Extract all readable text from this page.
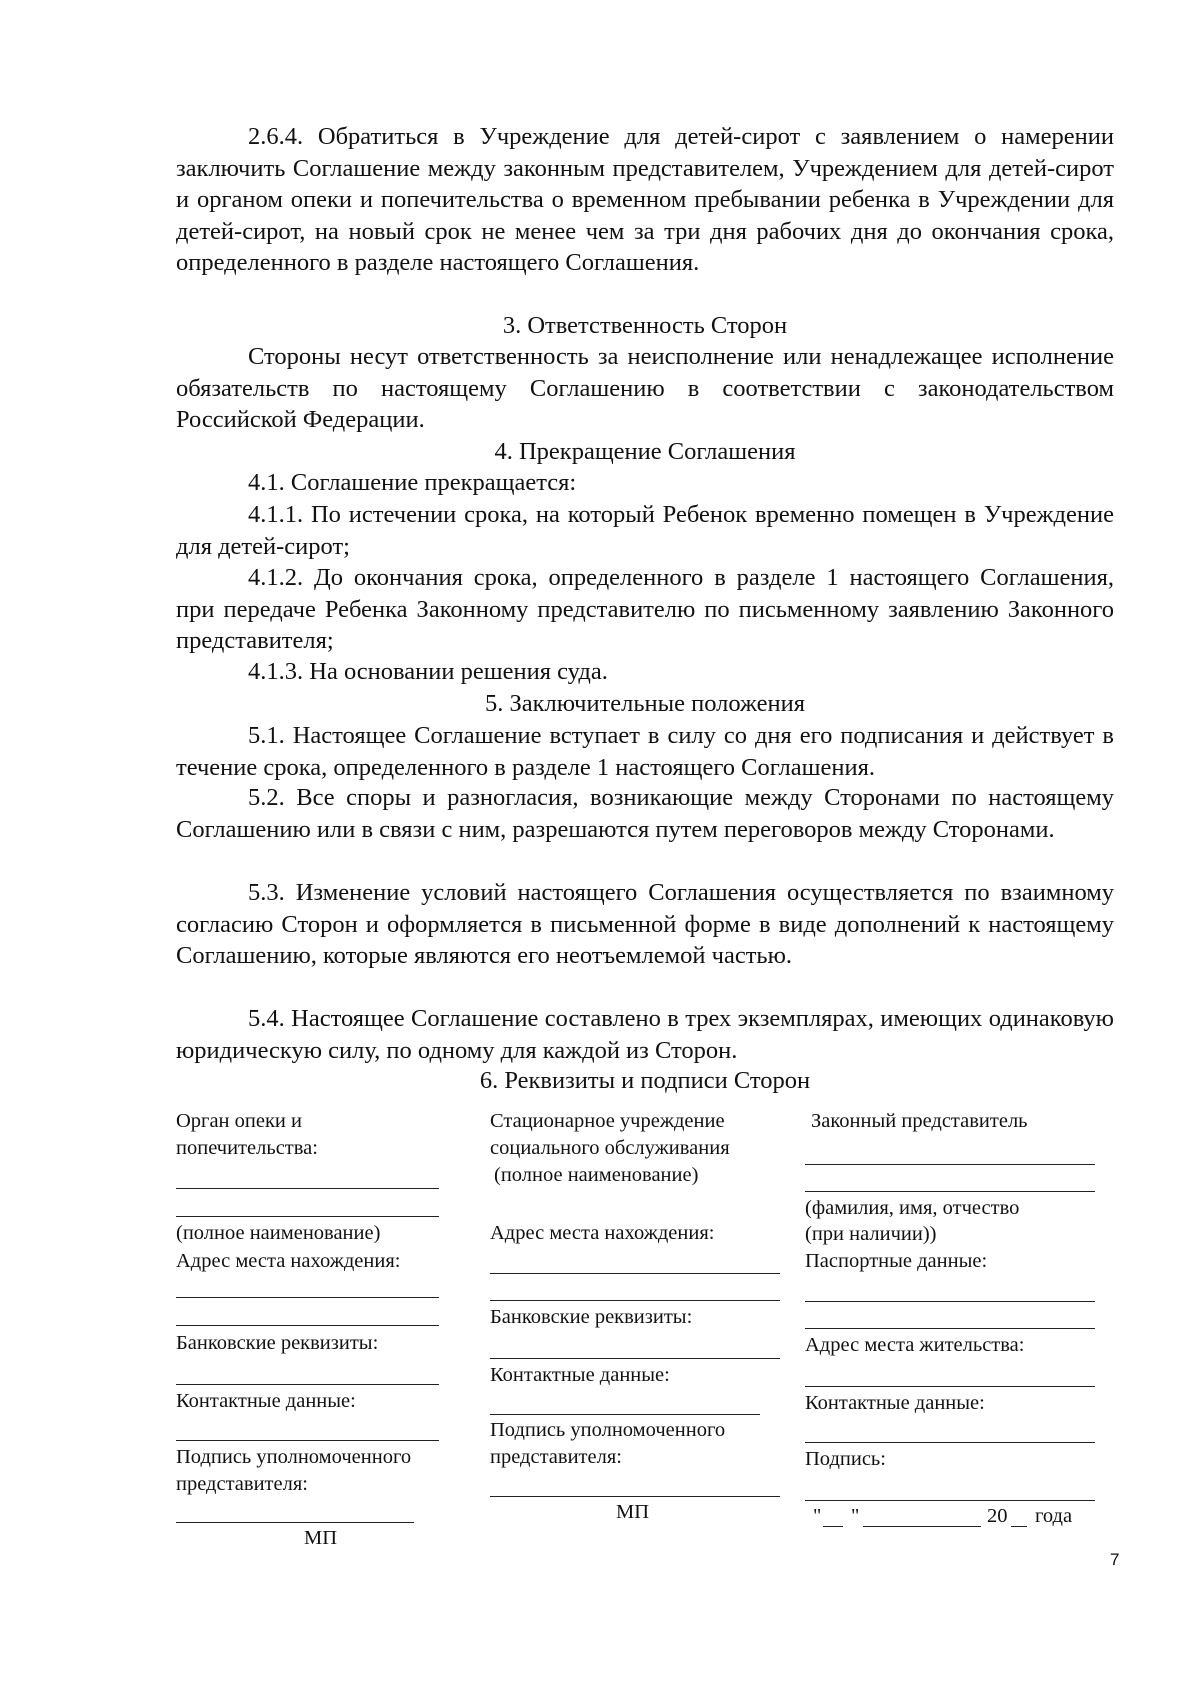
2.6.4. Обратиться в Учреждение для детей-сирот с заявлением о намерении заключить Соглашение между законным представителем, Учреждением для детей-сирот и органом опеки и попечительства о временном пребывании ребенка в Учреждении для детей-сирот, на новый срок не менее чем за три дня рабочих дня до окончания срока, определенного в разделе настоящего Соглашения.

3. Ответственность Сторон

Стороны несут ответственность за неисполнение или ненадлежащее исполнение обязательств по настоящему Соглашению в соответствии с законодательством Российской Федерации.

4. Прекращение Соглашения

4.1. Соглашение прекращается:

4.1.1. По истечении срока, на который Ребенок временно помещен в Учреждение для детей-сирот;

4.1.2. До окончания срока, определенного в разделе 1 настоящего Соглашения, при передаче Ребенка Законному представителю по письменному заявлению Законного представителя;

4.1.3. На основании решения суда.

5. Заключительные положения

5.1. Настоящее Соглашение вступает в силу со дня его подписания и действует в течение срока, определенного в разделе 1 настоящего Соглашения.

5.2. Все споры и разногласия, возникающие между Сторонами по настоящему Соглашению или в связи с ним, разрешаются путем переговоров между Сторонами.

5.3. Изменение условий настоящего Соглашения осуществляется по взаимному согласию Сторон и оформляется в письменной форме в виде дополнений к настоящему Соглашению, которые являются его неотъемлемой частью.

5.4. Настоящее Соглашение составлено в трех экземплярах, имеющих одинаковую юридическую силу, по одному для каждой из Сторон.

6. Реквизиты и подписи Сторон

Орган опеки и
попечительства:
(полное наименование)
Адрес места нахождения:
Банковские реквизиты:
Контактные данные:
Подпись уполномоченного
представителя:
МП
Стационарное учреждение
социального обслуживания
(полное наименование)
Адрес места нахождения:
Банковские реквизиты:
Контактные данные:
Подпись уполномоченного
представителя:
МП
Законный представитель
(фамилия, имя, отчество
(при наличии))
Паспортные данные:
Адрес места жительства:
Контактные данные:
Подпись:
" "	20 года
7
